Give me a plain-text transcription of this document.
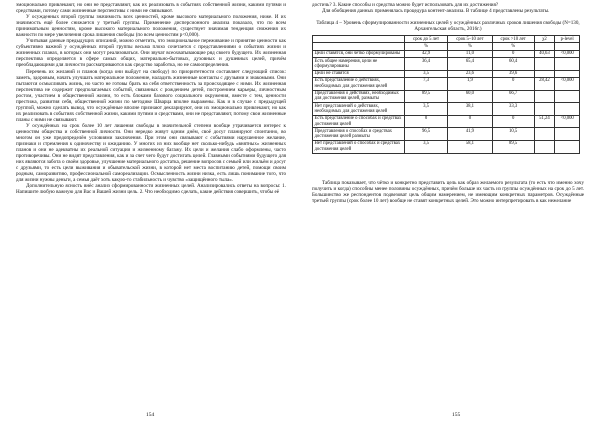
эмоционально привлекают, но они не представляют, как их реализовать в событиях собственной жизни, какими путями и средствами, потому сами жизненные перспективы с ними не связывают.

У осужденных второй группы значимость всех ценностей, кроме высокого материального положения, ниже. И их значимость ещё более снижается у третьей группы. Применение дисперсионного анализа показало, что по всем приниматьным ценностям, кроме высокого материального положения, существует значимая тенденция снижения их важности по мере увеличения срока лишения свободы (по всем ценностям p<0,000).

Учитывая данные предыдущих описаний, можно отметить, что эмоциональное переживание и принятие ценности как субъективно важной у осуждённых второй группы весьма плохо сочетается с представлениями о событиях жизни и жизненных планах, в которых они могут реализоваться. Они звучат всеохватывающие ряд своего будущего. Их жизненная перспектива определяется в сфере самых общих, материально-бытовых, духовных и душевных целей, причём преобладающими для личности рассматриваются как средство заработка, но не самоопределения.

Перечень их желаний и планов (когда они выйдут на свободу) по приоритетности составляет следующий список: заметь, здоровым, начать улучшать материальное положение, наладить жизненные контакты с друзьями и знакомыми. Они пытаются осмысливать жизнь, но часто не готовы брать на себя ответственность за происходящее с ними. Их жизненная перспектива не содержит предполагаемых событий, связанных с рождением детей, построением карьеры, личностным ростом, участием в общественной жизни, то есть блоками базового социального окружения, вместе с тем, ценности престижа, развития себя, общественной жизни по методике Шварца вполне выражены. Как и в случае с предыдущей группой, можно сделать вывод, что осуждённые вполне признают декларируют, они их эмоционально привлекают, но как их реализовать в событиях собственной жизни, какими путями и средствами, они не представляют, потому свои жизненные планы с ними не связывают.

У осуждённых на срок более 10 лет лишения свободы в значительной степени вообще утрачивается интерес к ценностям общества и собственной личности. Они нередко живут одним днём, своё досуг планируют спонтанно, во многом он уже предопределён условиями заключения. При этом они связывают с событиями нарушенное желание, признаки и стремления к одиночеству и ожиданию. У многих из них вообще нет сколько-нибудь «внятных» жизненных планов и они не адекватны их реальной ситуации и жизненному багажу. Их цели и желания слабо оформлены, часто противоречивы. Они не видят представления, как и за счет чего будут достигать целей. Главными событиями будущего для них являются забота о своём здоровье, улучшение материального достатка, решение вопросов с семьей или жильём и досуг с друзьями, то есть цели выживания и обывательской жизни, в которой нет места воспитанию детей, помощи своим родным, саморазвитию, профессиональной самореализации. Осмысленность жизни низка, есть лишь понимание того, что для жизни нужны деньги, а семья даёт хоть какую-то стабильность и чувство «защищённого тыла».

Дополнительную ясность внёс анализ сформированности жизненных целей. Анализировались ответы на вопросы: 1. Напишите любую важную для Вас и Вашей жизни цель. 2. Что необходимо сделать, какие действия совершить, чтобы её

154

достичь? 3. Какие способы и средства можно будет использовать для их достижения?

Для обобщения данных применялась процедура контент-анализа. В таблице 4 представлены результаты.

Таблица 4 – Уровень сформулированности жизненных целей у осуждённых различных сроков лишения свободы (N=130, Архангельская область, 2016г.)

	срок до 5 лет	срок 5–10 лет	срок >10 лет	χ2	p-level
	%	%	%		
Цели ставятся, они чётко сформулированы	42,9	11,0	0	40,63	<0,000
Есть общее намерения, цели не сформулированы	36,4	65,4	60,4		
Цели не ставятся	3,5	23,6	39,6		
Есть представление о действиях, необходимых для достижения целей	7,3	1,9	0	28,42	<0,000
Представления о действиях, необходимых для достижения целей, размыты	89,5	60,0	66,7		
Нет представлений о действиях, необходимых для достижения целей	3,5	38,1	33,3		
Есть представление о способах и средствах достижения целей	0	0	0	51,24	<0,000
Представления о способах и средствах достижения целей размыты	96,5	41,9	10,5		
Нет представлений о способах и средствах достижения целей	3,5	58,1	89,5		

Таблица показывает, что чётко и конкретно представить цель как образ желаемого результата (то есть что именно хочу получить и когда) способны менее половины осуждённых, причём больше их часть из группы осуждённых на срок до 5 лет. Большинство же респондентов подвезоват цель общим намерением, не имеющим конкретных параметров. Осуждённые третьей группы (срок более 10 лет) вообще не ставят конкретных целей. Это можно интерпретировать в как нежелание

155
